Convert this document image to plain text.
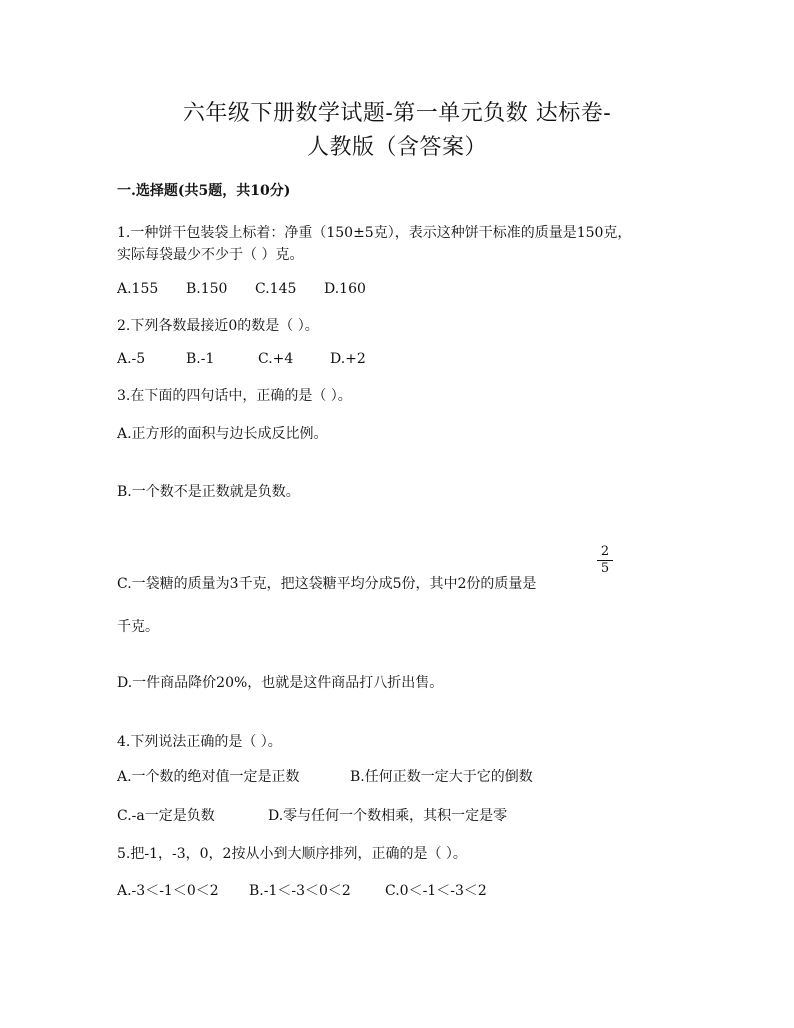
六年级下册数学试题-第一单元负数 达标卷-
人教版（含答案）
一.选择题(共5题，共10分)
1.一种饼干包装袋上标着：净重（150±5克），表示这种饼干标准的质量是150克，
实际每袋最少不少于（ ）克。
A.155 B.150 C.145 D.160
2.下列各数最接近0的数是（ ）。
A.-5	B.-1	C.+4	D.+2
3.在下面的四句话中，正确的是（ ）。
A.正方形的面积与边长成反比例。
B.一个数不是正数就是负数。
2
5
C.一袋糖的质量为3千克，把这袋糖平均分成5份，其中2份的质量是
千克。
D.一件商品降价20%，也就是这件商品打八折出售。
4.下列说法正确的是（ ）。
A.一个数的绝对值一定是正数	B.任何正数一定大于它的倒数
C.-a一定是负数	D.零与任何一个数相乘，其积一定是零
5.把-1，-3，0，2按从小到大顺序排列，正确的是（ ）。
A.-3＜-1＜0＜2 B.-1＜-3＜0＜2 C.0＜-1＜-3＜2
